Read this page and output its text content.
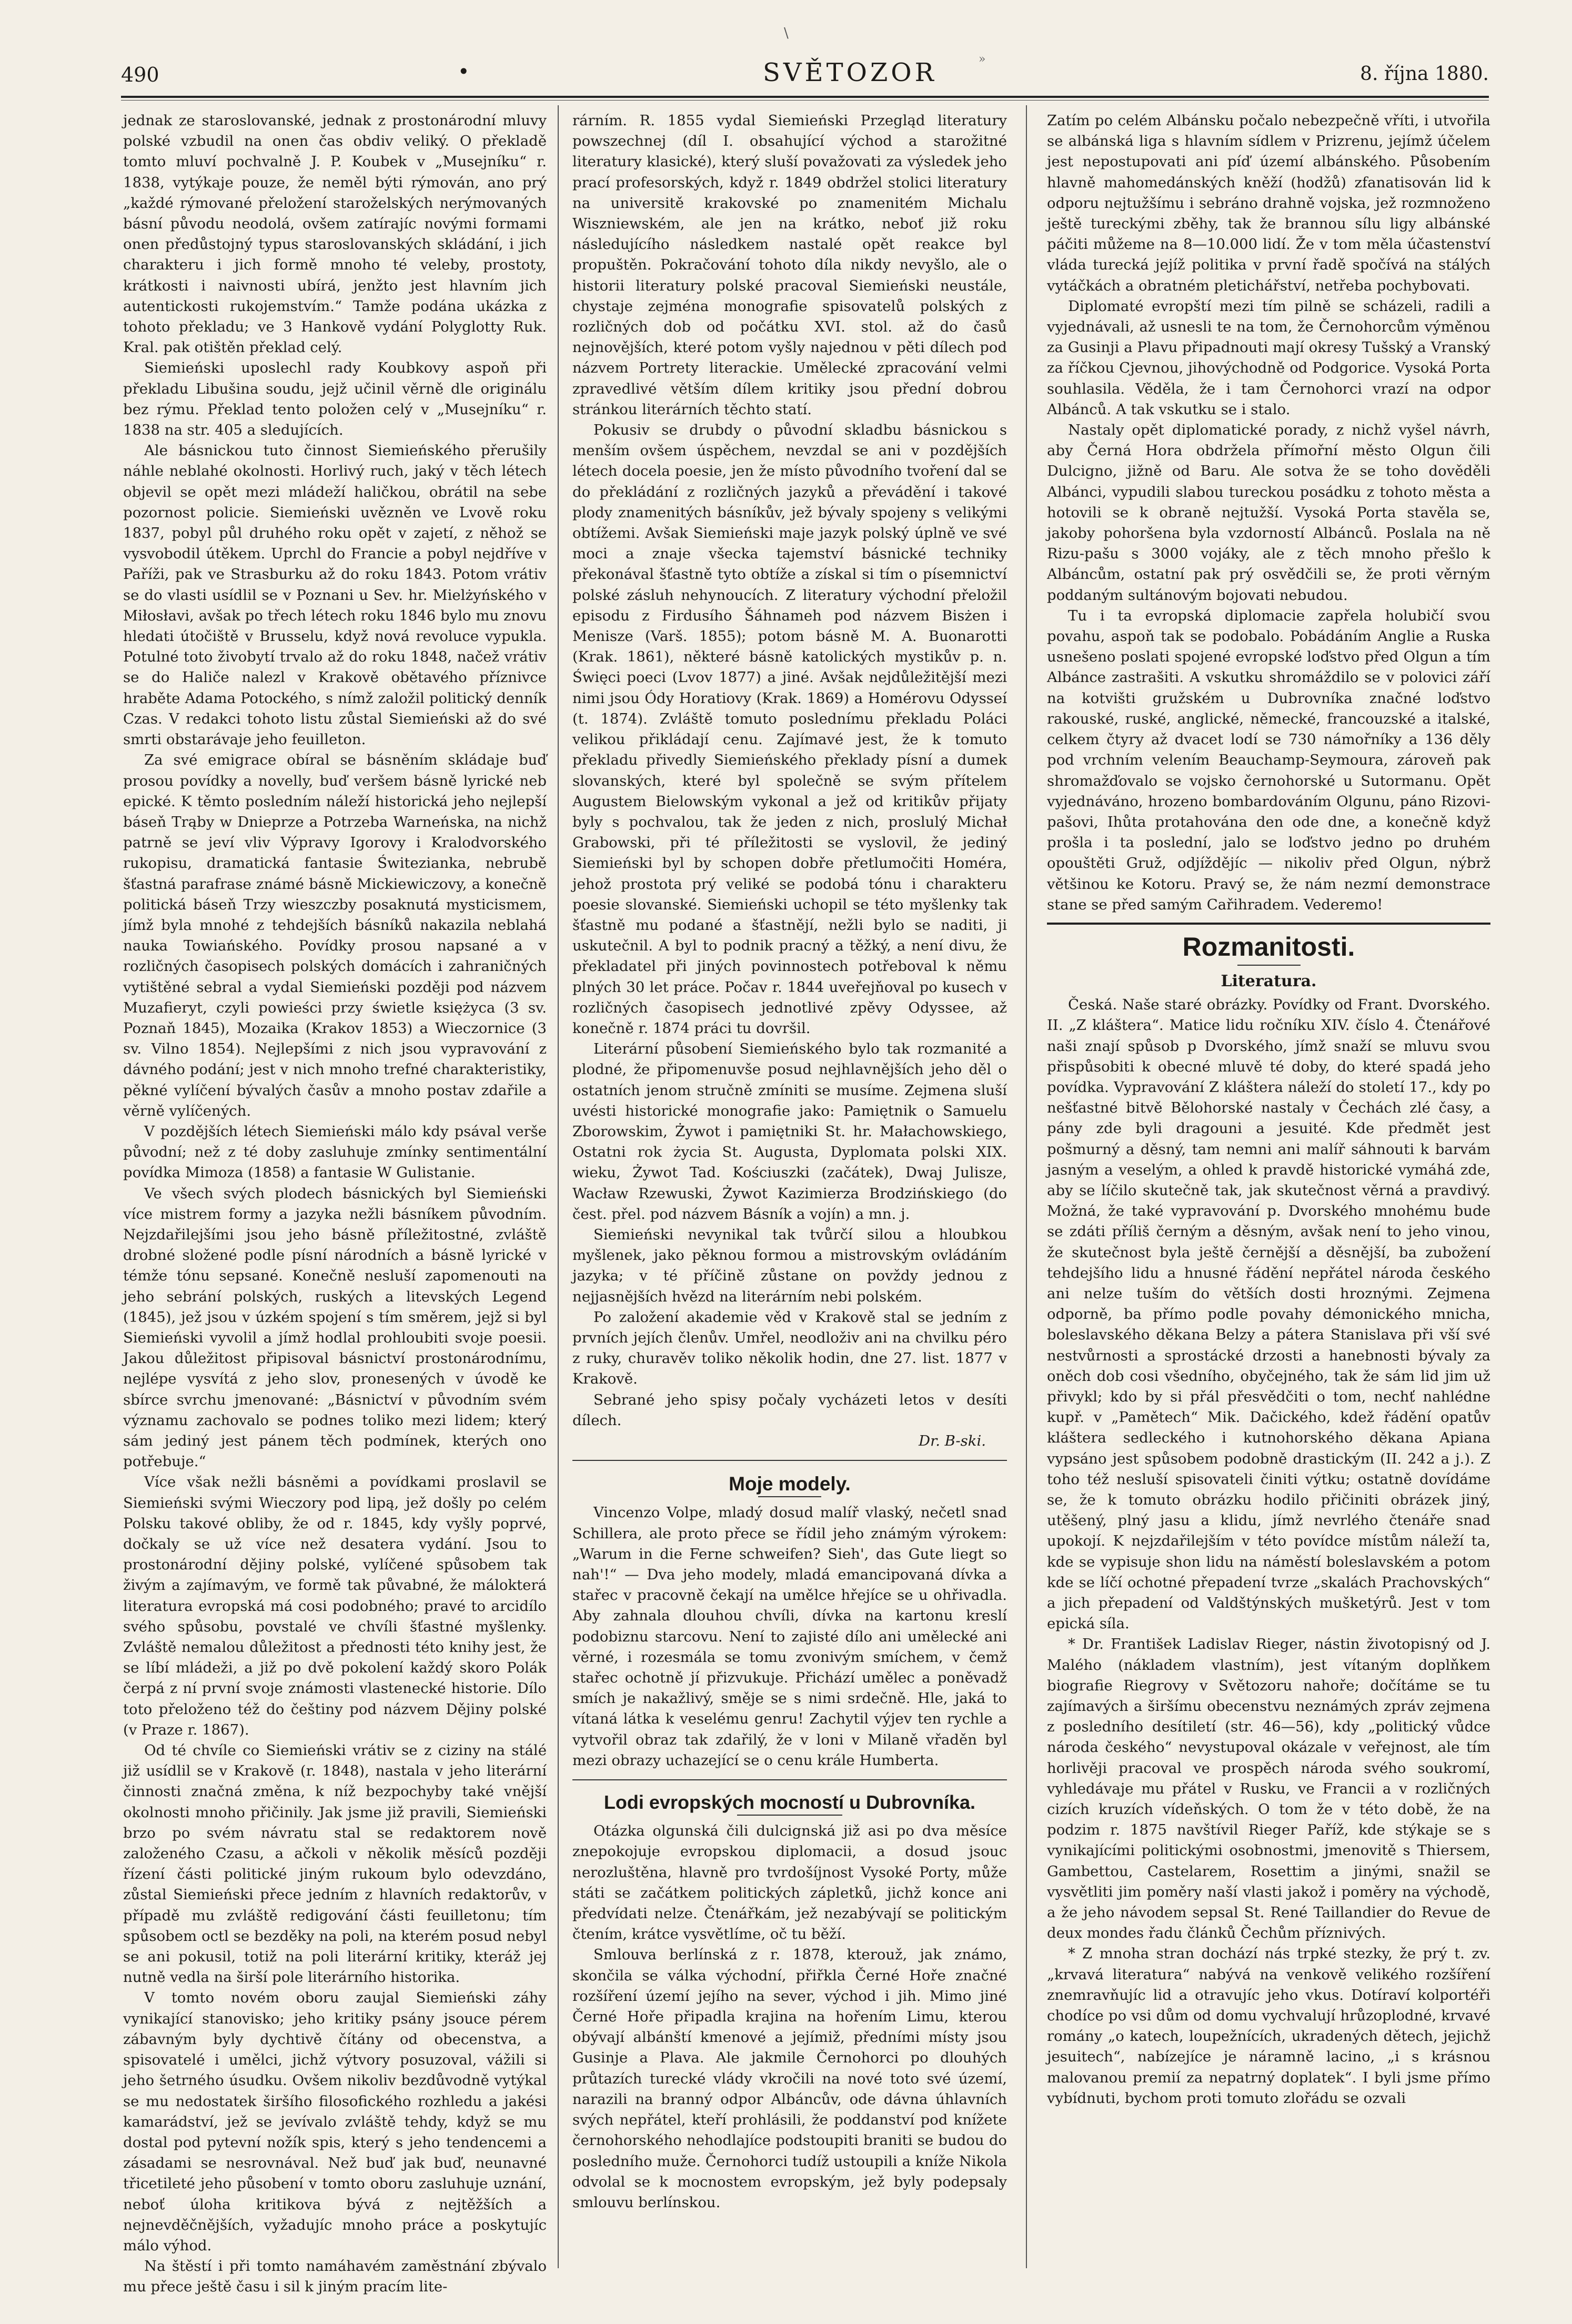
490	•	SVĚTOZOR	8. října 1880.
\
»

jednak ze staroslovanské, jednak z prostonárodní mluvy polské vzbudil na onen čas obdiv veliký. O překladě tomto mluví pochvalně J. P. Koubek v „Musejníku“ r. 1838, vytýkaje pouze, že neměl býti rýmován, ano prý „každé rýmované přeložení staroželských nerýmovaných básní původu neodolá, ovšem zatírajíc novými formami onen předůstojný typus staroslovanských skládání, i jich charakteru i jich formě mnoho té veleby, prostoty, krátkosti i naivnosti ubírá, jenžto jest hlavním jich autentickosti rukojemstvím.“ Tamže podána ukázka z tohoto překladu; ve 3 Hankově vydání Polyglotty Ruk. Kral. pak otištěn překlad celý.

Siemieński uposlechl rady Koubkovy aspoň při překladu Libušina soudu, jejž učinil věrně dle originálu bez rýmu. Překlad tento položen celý v „Musejníku“ r. 1838 na str. 405 a sledujících.

Ale básnickou tuto činnost Siemieńského přerušily náhle neblahé okolnosti. Horlivý ruch, jaký v těch létech objevil se opět mezi mládeží haličkou, obrátil na sebe pozornost policie. Siemieński uvězněn ve Lvově roku 1837, pobyl půl druhého roku opět v zajetí, z něhož se vysvobodil útěkem. Uprchl do Francie a pobyl nejdříve v Paříži, pak ve Strasburku až do roku 1843. Potom vrátiv se do vlasti usídlil se v Poznani u Sev. hr. Mielżyńského v Miłosłavi, avšak po třech létech roku 1846 bylo mu znovu hledati útočiště v Brusselu, když nová revoluce vypukla. Potulné toto živobytí trvalo až do roku 1848, načež vrátiv se do Haliče nalezl v Krakově obětavého příznivce hraběte Adama Potockého, s nímž založil politický denník Czas. V redakci tohoto listu zůstal Siemieński až do své smrti obstarávaje jeho feuilleton.

Za své emigrace obíral se básněním skládaje buď prosou povídky a novelly, buď veršem básně lyrické neb epické. K těmto posledním náleží historická jeho nejlepší báseň Trąby w Dnieprze a Potrzeba Warneńska, na nichž patrně se jeví vliv Výpravy Igorovy i Kralodvorského rukopisu, dramatická fantasie Świteziankа, nebrubě šťastná parafrase známé básně Mickiewiczovy, a konečně politická báseň Trzy wieszczby posaknutá mysticismem, jímž byla mnohé z tehdejších básníků nakazila neblahá nauka Towiańského. Povídky prosou napsané a v rozličných časopisech polských domácích i zahraničných vytištěné sebral a vydal Siemieński později pod názvem Muzafieryt, czyli powieści przy świetle księżyca (3 sv. Poznaň 1845), Mozaika (Krakov 1853) a Wieczornice (3 sv. Vilno 1854). Nejlepšími z nich jsou vypravování z dávného podání; jest v nich mnoho trefné charakteristiky, pěkné vylíčení bývalých časův a mnoho postav zdařile a věrně vylíčených.

V pozdějších létech Siemieński málo kdy psával verše původní; než z té doby zasluhuje zmínky sentimentální povídka Mimoza (1858) a fantasie W Gulistanie.

Ve všech svých plodech básnických byl Siemieński více mistrem formy a jazyka nežli básníkem původním. Nejzdařilejšími jsou jeho básně příležitostné, zvláště drobné složené podle písní národních a básně lyrické v témže tónu sepsané. Konečně nesluší zapomenouti na jeho sebrání polských, ruských a litevských Legend (1845), jež jsou v úzkém spojení s tím směrem, jejž si byl Siemieński vyvolil a jímž hodlal prohloubiti svoje poesii. Jakou důležitost připisoval básnictví prostonárodnímu, nejlépe vysvítá z jeho slov, pronesených v úvodě ke sbírce svrchu jmenované: „Básnictví v původním svém významu zachovalo se podnes toliko mezi lidem; který sám jediný jest pánem těch podmínek, kterých ono potřebuje.“

Více však nežli básněmi a povídkami proslavil se Siemieński svými Wieczory pod lipą, jež došly po celém Polsku takové obliby, že od r. 1845, kdy vyšly poprvé, dočkaly se už více než desatera vydání. Jsou to prostonárodní dějiny polské, vylíčené spůsobem tak živým a zajímavým, ve formě tak půvabné, že málokterá literatura evropská má cosi podobného; pravé to arcidílo svého spůsobu, povstalé ve chvíli šťastné myšlenky. Zvláště nemalou důležitost a přednosti této knihy jest, že se líbí mládeži, a již po dvě pokolení každý skoro Polák čerpá z ní první svoje známosti vlastenecké historie. Dílo toto přeloženo též do češtiny pod názvem Dějiny polské (v Praze r. 1867).

Od té chvíle co Siemieński vrátiv se z ciziny na stálé již usídlil se v Krakově (r. 1848), nastala v jeho literární činnosti značná změna, k níž bezpochyby také vnější okolnosti mnoho přičinily. Jak jsme již pravili, Siemieński brzo po svém návratu stal se redaktorem nově založeného Czasu, a ačkoli v několik měsíců později řízení části politické jiným rukoum bylo odevzdáno, zůstal Siemieński přece jedním z hlavních redaktorův, v případě mu zvláště redigování části feuilletonu; tím spůsobem octl se bezděky na poli, na kterém posud nebyl se ani pokusil, totiž na poli literární kritiky, kteráž jej nutně vedla na širší pole literárního historika.

V tomto novém oboru zaujal Siemieński záhy vynikající stanovisko; jeho kritiky psány jsouce pérem zábavným byly dychtivě čítány od obecenstva, a spisovatelé i umělci, jichž výtvory posuzoval, vážili si jeho šetrného úsudku. Ovšem nikoliv bezdůvodně vytýkal se mu nedostatek širšího filosofického rozhledu a jakési kamarádství, jež se jevívalo zvláště tehdy, když se mu dostal pod pytevní nožík spis, který s jeho tendencemi a zásadami se nesrovnával. Než buď jak buď, neunavné třicetileté jeho působení v tomto oboru zasluhuje uznání, neboť úloha kritikova bývá z nejtěžších a nejnevděčnějších, vyžadujíc mnoho práce a poskytujíc málo výhod.

Na štěstí i při tomto namáhavém zaměstnání zbývalo mu přece ještě času i sil k jiným pracím lite-

rárním. R. 1855 vydal Siemieński Przegląd literatury powszechnej (díl I. obsahující východ a starožitné literatury klasické), který sluší považovati za výsledek jeho prací profesorských, když r. 1849 obdržel stolici literatury na universitě krakovské po znamenitém Michalu Wiszniewském, ale jen na krátko, neboť již roku následujícího následkem nastalé opět reakce byl propuštěn. Pokračování tohoto díla nikdy nevyšlo, ale o historii literatury polské pracoval Siemieński neustále, chystaje zejména monografie spisovatelů polských z rozličných dob od počátku XVI. stol. až do časů nejnovějších, které potom vyšly najednou v pěti dílech pod názvem Portrety literackie. Umělecké zpracování velmi zpravedlivé větším dílem kritiky jsou přední dobrou stránkou literárních těchto statí.

Pokusiv se drubdy o původní skladbu básnickou s menším ovšem úspěchem, nevzdal se ani v pozdějších létech docela poesie, jen že místo původního tvoření dal se do překládání z rozličných jazyků a převádění i takové plody znamenitých básníkův, jež bývaly spojeny s velikými obtížemi. Avšak Siemieński maje jazyk polský úplně ve své moci a znaje všecka tajemství básnické techniky překonával šťastně tyto obtíže a získal si tím o písemnictví polské zásluh nehynoucích. Z literatury východní přeložil episodu z Firdusího Šáhnameh pod názvem Bisżen i Menisze (Varš. 1855); potom básně M. A. Buonarotti (Krak. 1861), některé básně katolických mystikův p. n. Święci poeci (Lvov 1877) a jiné. Avšak nejdůležitější mezi nimi jsou Ódy Horatiovy (Krak. 1869) a Homérovu Odysseí (t. 1874). Zvláště tomuto poslednímu překladu Poláci velikou přikládají cenu. Zajímavé jest, že k tomuto překladu přivedly Siemieńského překlady písní a dumek slovanských, které byl společně se svým přítelem Augustem Bielowským vykonal a jež od kritikův přijaty byly s pochvalou, tak že jeden z nich, proslulý Michał Grabowski, při té příležitosti se vyslovil, že jediný Siemieński byl by schopen dobře přetlumočiti Homéra, jehož prostota prý veliké se podobá tónu i charakteru poesie slovanské. Siemieński uchopil se této myšlenky tak šťastně mu podané a šťastnějí, nežli bylo se naditi, ji uskutečnil. A byl to podnik pracný a těžký, a není divu, že překladatel při jiných povinnostech potřeboval k němu plných 30 let práce. Počav r. 1844 uveřejňoval po kusech v rozličných časopisech jednotlivé zpěvy Odyssee, až konečně r. 1874 práci tu dovršil.

Literární působení Siemieńského bylo tak rozmanité a plodné, že připomenuvše posud nejhlavnějších jeho děl o ostatních jenom stručně zmíniti se musíme. Zejmena sluší uvésti historické monografie jako: Pamiętnik o Samuelu Zborowskim, Żywot i pamiętniki St. hr. Małachowskiego, Ostatni rok życia St. Augusta, Dyplomata polski XIX. wieku, Żywot Tad. Kościuszki (začátek), Dwaj Julisze, Wacław Rzewuski, Żywot Kazimierza Brodzińskiego (do čest. přel. pod názvem Básník a vojín) a mn. j.

Siemieński nevynikal tak tvůrčí silou a hloubkou myšlenek, jako pěknou formou a mistrovským ovládáním jazyka; v té příčině zůstane on povždy jednou z nejjasnějších hvězd na literárním nebi polském.

Po založení akademie věd v Krakově stal se jedním z prvních jejích členův. Umřel, neodloživ ani na chvilku péro z ruky, churavěv toliko několik hodin, dne 27. list. 1877 v Krakově.

Sebrané jeho spisy počaly vycházeti letos v desíti dílech.

Dr. B-ski.
Moje modely.

Vincenzo Volpe, mladý dosud malíř vlaský, nečetl snad Schillera, ale proto přece se řídil jeho známým výrokem: „Warum in die Ferne schweifen? Sieh', das Gute liegt so nah'!“ — Dva jeho modely, mladá emancipovaná dívka a stařec v pracovně čekají na umělce hřejíce se u ohřivadla. Aby zahnala dlouhou chvíli, dívka na kartonu kreslí podobiznu starcovu. Není to zajisté dílo ani umělecké ani věrné, i rozesmála se tomu zvonivým smíchem, v čemž stařec ochotně jí přizvukuje. Přichází umělec a poněvadž smích je nakažlivý, směje se s nimi srdečně. Hle, jaká to vítaná látka k veselému genru! Zachytil výjev ten rychle a vytvořil obraz tak zdařilý, že v loni v Milaně vřaděn byl mezi obrazy uchazející se o cenu krále Humberta.

Lodi evropských mocností u Dubrovníka.

Otázka olgunská čili dulcignská již asi po dva měsíce znepokojuje evropskou diplomacii, a dosud jsouc nerozluštěna, hlavně pro tvrdošíjnost Vysoké Porty, může státi se začátkem politických zápletků, jichž konce ani předvídati nelze. Čtenářkám, jež nezabývají se politickým čtením, krátce vysvětlíme, oč tu běží.

Smlouva berlínská z r. 1878, kterouž, jak známo, skončila se válka východní, přiřkla Černé Hoře značné rozšíření území jejího na sever, východ i jih. Mimo jiné Černé Hoře připadla krajina na hořením Limu, kterou obývají albánští kmenové a jejímiž, předními místy jsou Gusinje a Plava. Ale jakmile Černohorci po dlouhých průtazích turecké vlády vkročili na nové toto své území, narazili na branný odpor Albáncův, ode dávna úhlavních svých nepřátel, kteří prohlásili, že poddanství pod knížete černohorského nehodlajíce podstoupiti braniti se budou do posledního muže. Černohorci tudíž ustoupili a kníže Nikola odvolal se k mocnostem evropským, jež byly podepsaly smlouvu berlínskou.

Zatím po celém Albánsku počalo nebezpečně vříti, i utvořila se albánská liga s hlavním sídlem v Prizrenu, jejímž účelem jest nepostupovati ani píď území albánského. Působením hlavně mahomedánských kněží (hodžů) zfanatisován lid k odporu nejtužšímu i sebráno drahně vojska, jež rozmnoženo ještě tureckými zběhy, tak že brannou sílu ligy albánské páčiti můžeme na 8—10.000 lidí. Že v tom měla účastenství vláda turecká jejíž politika v první řadě spočívá na stálých vytáčkách a obratném pletichářství, netřeba pochybovati.

Diplomaté evropští mezi tím pilně se scházeli, radili a vyjednávali, až usnesli te na tom, že Černohorcům výměnou za Gusinji a Plavu připadnouti mají okresy Tušský a Vranský za říčkou Cjevnou, jihovýchodně od Podgorice. Vysoká Porta souhlasila. Věděla, že i tam Černohorci vrazí na odpor Albánců. A tak vskutku se i stalo.

Nastaly opět diplomatické porady, z nichž vyšel návrh, aby Černá Hora obdržela přímořní město Olgun čili Dulcigno, jižně od Baru. Ale sotva že se toho dověděli Albánci, vypudili slabou tureckou posádku z tohoto města a hotovili se k obraně nejtužší. Vysoká Porta stavěla se, jakoby pohoršena byla vzdorností Albánců. Poslala na ně Rizu-pašu s 3000 vojáky, ale z těch mnoho přešlo k Albáncům, ostatní pak prý osvědčili se, že proti věrným poddaným sultánovým bojovati nebudou.

Tu i ta evropská diplomacie zapřela holubičí svou povahu, aspoň tak se podobalo. Pobádáním Anglie a Ruska usnešeno poslati spojené evropské loďstvo před Olgun a tím Albánce zastrašiti. A vskutku shromáždilo se v polovici září na kotvišti gružském u Dubrovníka značné loďstvo rakouské, ruské, anglické, německé, francouzské a italské, celkem čtyry až dvacet lodí se 730 námořníky a 136 děly pod vrchním velením Beauchamp-Seymoura, zároveň pak shromažďovalo se vojsko černohorské u Sutormanu. Opět vyjednáváno, hrozeno bombardováním Olgunu, páno Rizovi-pašovi, Ihůta protahována den ode dne, a konečně když prošla i ta poslední, jalo se loďstvo jedno po druhém opouštěti Gruž, odjíždějíc — nikoliv před Olgun, nýbrž většinou ke Kotoru. Pravý se, že nám nezmí demonstrace stane se před samým Cařihradem. Vederemo!

Rozmanitosti.
Literatura.

Česká. Naše staré obrázky. Povídky od Frant. Dvorského. II. „Z kláštera“. Matice lidu ročníku XIV. číslo 4. Čtenářové naši znají spůsob p Dvorského, jímž snaží se mluvu svou přispůsobiti k obecné mluvě té doby, do které spadá jeho povídka. Vypravování Z kláštera náleží do století 17., kdy po nešťastné bitvě Bělohorské nastaly v Čechách zlé časy, a pány zde byli dragouni a jesuité. Kde předmět jest pošmurný a děsný, tam nemni ani malíř sáhnouti k barvám jasným a veselým, a ohled k pravdě historické vymáhá zde, aby se líčilo skutečně tak, jak skutečnost věrná a pravdivý. Možná, že také vypravování p. Dvorského mnohému bude se zdáti příliš černým a děsným, avšak není to jeho vinou, že skutečnost byla ještě černější a děsnější, ba zubožení tehdejšího lidu a hnusné řádění nepřátel národa českého ani nelze tuším do větších dosti hroznými. Zejmena odporně, ba přímo podle povahy démonického mnicha, boleslavského děkana Belzy a pátera Stanislava při vší své nestvůrnosti a sprostácké drzosti a hanebnosti bývaly za oněch dob cosi všedního, obyčejného, tak že sám lid jim už přivykl; kdo by si přál přesvědčiti o tom, nechť nahlédne kupř. v „Pamětech“ Mik. Dačického, kdež řádění opatův kláštera sedleckého i kutnohorského děkana Apiana vypsáno jest spůsobem podobně drastickým (II. 242 a j.). Z toho též nesluší spisovateli činiti výtku; ostatně dovídáme se, že k tomuto obrázku hodilo přičiniti obrázek jiný, utěšený, plný jasu a klidu, jímž nevrlého čtenáře snad upokojí. K nejzdařilejším v této povídce místům náleží ta, kde se vypisuje shon lidu na náměstí boleslavském a potom kde se líčí ochotné přepadení tvrze „skalách Prachovských“ a jich přepadení od Valdštýnských mušketýrů. Jest v tom epická síla.

* Dr. František Ladislav Rieger, nástin životopisný od J. Malého (nákladem vlastním), jest vítaným doplňkem biografie Riegrovy v Světozoru nahoře; dočítáme se tu zajímavých a širšímu obecenstvu neznámých zpráv zejmena z posledního desítiletí (str. 46—56), kdy „politický vůdce národa českého“ nevystupoval okázale v veřejnost, ale tím horlivěji pracoval ve prospěch národa svého soukromí, vyhledávaje mu přátel v Rusku, ve Francii a v rozličných cizích kruzích vídeňských. O tom že v této době, že na podzim r. 1875 navštívil Rieger Paříž, kde stýkaje se s vynikajícími politickými osobnostmi, jmenovitě s Thiersem, Gambettou, Castelarem, Rosettim a jinými, snažil se vysvětliti jim poměry naší vlasti jakož i poměry na východě, a že jeho návodem sepsal St. René Taillandier do Revue de deux mondes řadu článků Čechům příznivých.

* Z mnoha stran dochází nás trpké stezky, že prý t. zv. „krvavá literatura“ nabývá na venkově velikého rozšíření znemravňujíc lid a otravujíc jeho vkus. Dotíraví kolportéři chodíce po vsi dům od domu vychvalují hrůzoplodné, krvavé romány „o katech, loupežnících, ukradených dětech, jejichž jesuitech“, nabízejíce je náramně lacino, „i s krásnou malovanou premií za nepatrný doplatek“. I byli jsme přímo vybídnuti, bychom proti tomuto zlořádu se ozvali
